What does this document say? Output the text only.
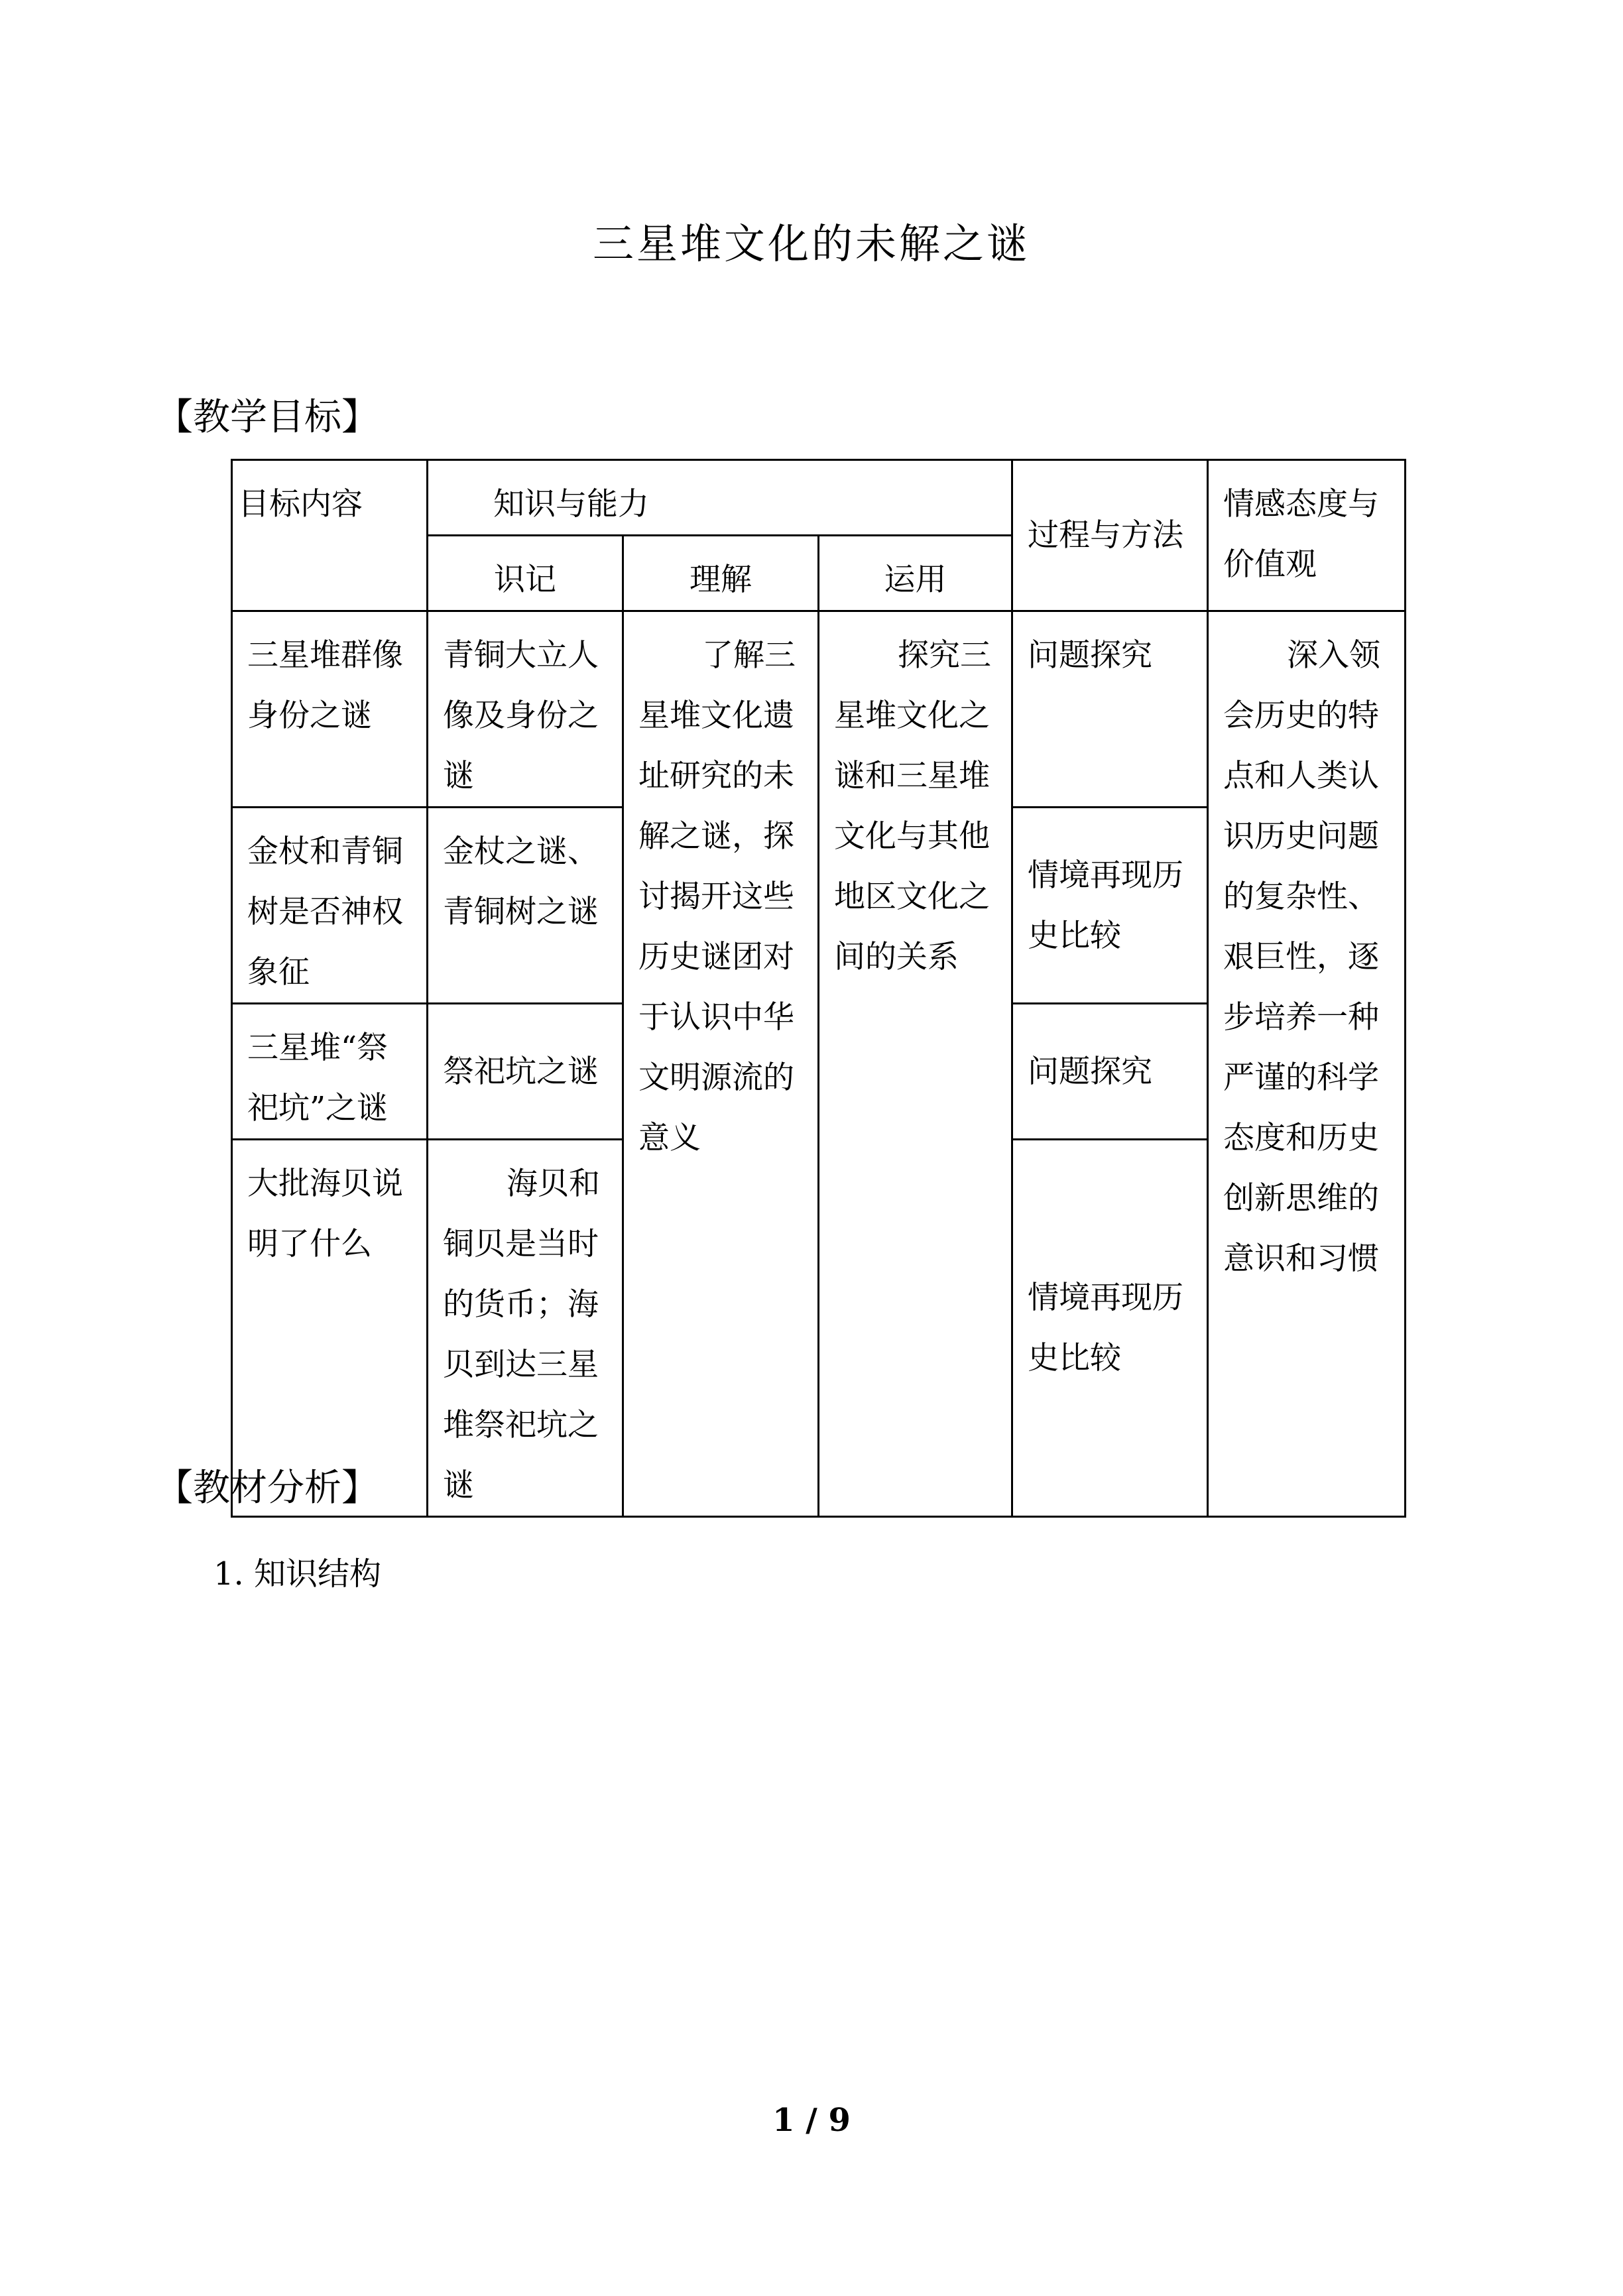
三星堆文化的未解之谜
【教学目标】
目标内容	知识与能力			过程与方法	情感态度与价值观
	识记	理解	运用		
三星堆群像身份之谜	青铜大立人像及身份之谜	了解三星堆文化遗址研究的未解之谜，探讨揭开这些历史谜团对于认识中华文明源流的意义	探究三星堆文化之谜和三星堆文化与其他地区文化之间的关系	问题探究	深入领会历史的特点和人类认识历史问题的复杂性、艰巨性，逐步培养一种严谨的科学态度和历史创新思维的意识和习惯
金杖和青铜树是否神权象征	金杖之谜、青铜树之谜			情境再现历史比较	
三星堆“祭祀坑”之谜	祭祀坑之谜			问题探究	
大批海贝说明了什么	海贝和铜贝是当时的货币；海贝到达三星堆祭祀坑之谜			情境再现历史比较	
【教材分析】
1. 知识结构
1 / 9
